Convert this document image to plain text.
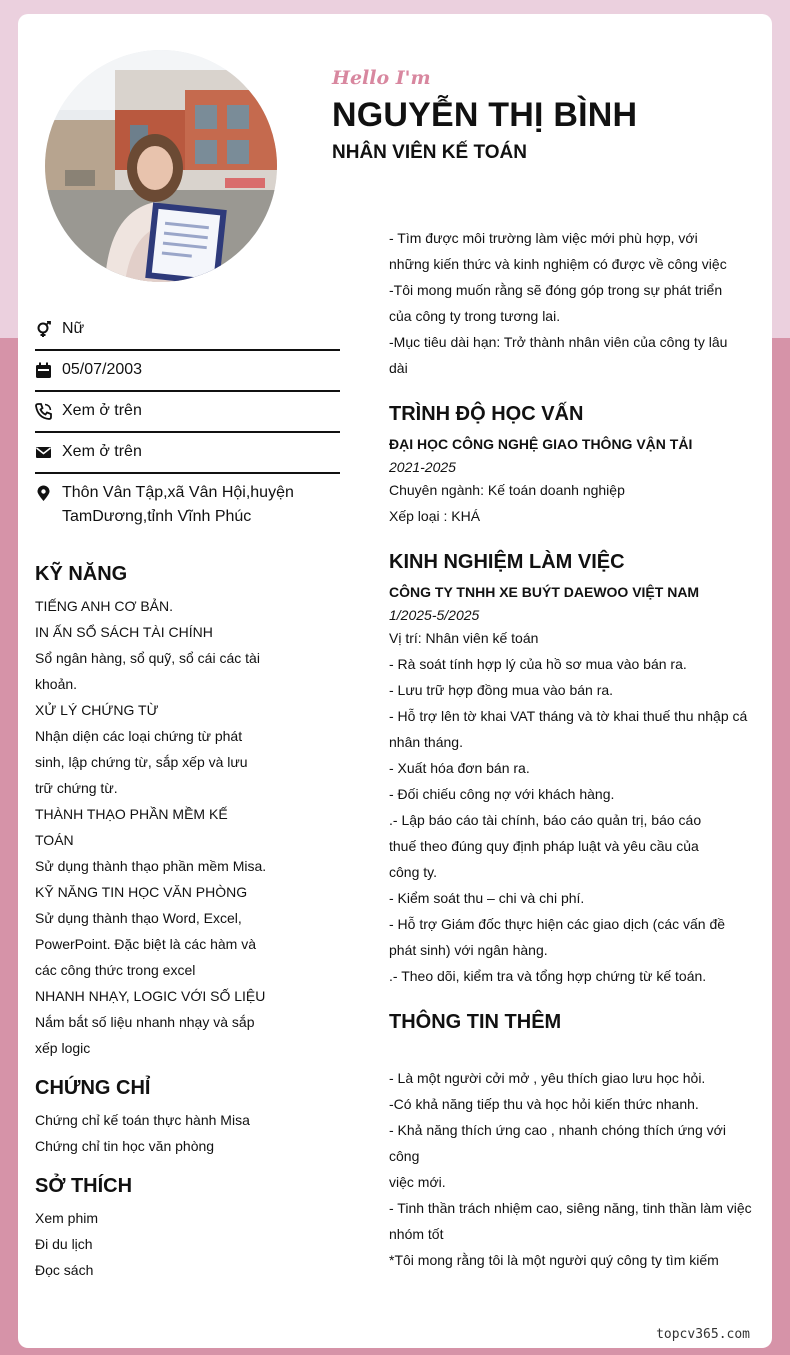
Hello I'm
NGUYỄN THỊ BÌNH
NHÂN VIÊN KẾ TOÁN
Nữ
05/07/2003
Xem ở trên
Xem ở trên
Thôn Vân Tập,xã Vân Hội,huyện TamDương,tỉnh Vĩnh Phúc
KỸ NĂNG
TIẾNG ANH CƠ BẢN.
IN ẤN SỔ SÁCH TÀI CHÍNH
Sổ ngân hàng, sổ quỹ, sổ cái các tài
khoản.
XỬ LÝ CHỨNG TỪ
Nhận diện các loại chứng từ phát
sinh, lập chứng từ, sắp xếp và lưu
trữ chứng từ.
THÀNH THẠO PHẦN MỀM KẾ
TOÁN
Sử dụng thành thạo phần mềm Misa.
KỸ NĂNG TIN HỌC VĂN PHÒNG
Sử dụng thành thạo Word, Excel,
PowerPoint. Đặc biệt là các hàm và
các công thức trong excel
NHANH NHẠY, LOGIC VỚI SỐ LIỆU
Nắm bắt số liệu nhanh nhạy và sắp
xếp logic
CHỨNG CHỈ
Chứng chỉ kế toán thực hành Misa
Chứng chỉ tin học văn phòng
SỞ THÍCH
Xem phim
Đi du lịch
Đọc sách
- Tìm được môi trường làm việc mới phù hợp, với
những kiến thức và kinh nghiệm có được về công việc
-Tôi mong muốn rằng sẽ đóng góp trong sự phát triển
của công ty trong tương lai.
-Mục tiêu dài hạn: Trở thành nhân viên của công ty lâu
dài
TRÌNH ĐỘ HỌC VẤN
ĐẠI HỌC CÔNG NGHỆ GIAO THÔNG VẬN TẢI
2021-2025
Chuyên ngành: Kế toán doanh nghiệp
Xếp loại : KHÁ
KINH NGHIỆM LÀM VIỆC
CÔNG TY TNHH XE BUÝT DAEWOO VIỆT NAM
1/2025-5/2025
Vị trí: Nhân viên kế toán
- Rà soát tính hợp lý của hồ sơ mua vào bán ra.
- Lưu trữ hợp đồng mua vào bán ra.
- Hỗ trợ lên tờ khai VAT tháng và tờ khai thuế thu nhập cá
nhân tháng.
- Xuất hóa đơn bán ra.
- Đối chiếu công nợ với khách hàng.
.- Lập báo cáo tài chính, báo cáo quản trị, báo cáo
thuế theo đúng quy định pháp luật và yêu cầu của
công ty.
- Kiểm soát thu – chi và chi phí.
- Hỗ trợ Giám đốc thực hiện các giao dịch (các vấn đề
phát sinh) với ngân hàng.
.- Theo dõi, kiểm tra và tổng hợp chứng từ kế toán.
THÔNG TIN THÊM
- Là một người cởi mở , yêu thích giao lưu học hỏi.
-Có khả năng tiếp thu và học hỏi kiến thức nhanh.
- Khả năng thích ứng cao , nhanh chóng thích ứng với
công
việc mới.
- Tinh thần trách nhiệm cao, siêng năng, tinh thần làm việc
nhóm tốt
*Tôi mong rằng tôi là một người quý công ty tìm kiếm
topcv365.com
